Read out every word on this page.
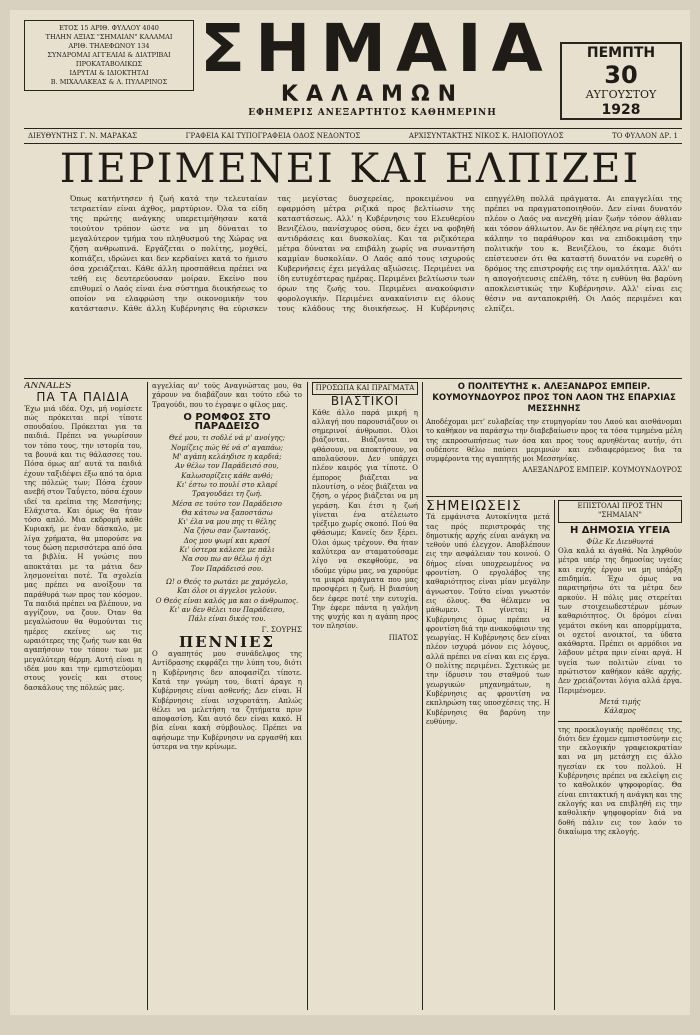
ΕΤΟΣ 15 ΑΡΙΘ. ΦΥΛΛΟΥ 4040
ΤΗΛΗΝ ΑΞΙΑΣ "ΣΗΜΑΙΑΝ" ΚΑΛΑΜΑΙ
ΑΡΙΘ. ΤΗΛΕΦΩΝΟΥ 134
ΣΥΝΔΡΟΜΑΙ ΑΓΓΕΛΙΑΙ & ΔΙΑΤΡΙΒΑΙ ΠΡΟΚΑΤΑΒΟΛΙΚΩΣ
ΙΔΡΥΤΑΙ & ΙΔΙΟΚΤΗΤΑΙ
Β. ΜΙΧΑΛΑΚΕΑΣ & Λ. ΠΥΛΑΡΙΝΟΣ ΣΗΜΑΙΑ
ΚΑΛΑΜΩΝ
ΕΦΗΜΕΡΙΣ ΑΝΕΞΑΡΤΗΤΟΣ ΚΑΘΗΜΕΡΙΝΗ
ΠΕΜΠΤΗ
30
ΑΥΓΟΥΣΤΟΥ
1928
ΔΙΕΥΘΥΝΤΗΣ Γ. Ν. ΜΑΡΑΚΑΣ	ΓΡΑΦΕΙΑ ΚΑΙ ΤΥΠΟΓΡΑΦΕΙΑ ΟΔΟΣ ΝΕΔΟΝΤΟΣ	ΑΡΧΙΣΥΝΤΑΚΤΗΣ ΝΙΚΟΣ Κ. ΗΛΙΟΠΟΥΛΟΣ	ΤΟ ΦΥΛΛΟΝ ΔΡ. 1
ΠΕΡΙΜΕΝΕΙ ΚΑΙ ΕΛΠΙΖΕΙ
Όπως κατήντησεν ή ζωή κατά την τελευταίαν τετραετίαν είναι άχθος, μαρτύριον. Όλα τα είδη της πρώτης ανάγκης υπερετιμήθησαν κατά τοιούτον τρόπον ώστε να μη δύναται το μεγαλύτερον τμήμα του πληθυσμού της Χώρας να ζήση ανθρωπινά. Εργάζεται ο πολίτης, μοχθεί, κοπιάζει, ιδρώνει και δεν κερδαίνει κατά το ήμισυ όσα χρειάζεται. Κάθε άλλη προσπάθεια πρέπει να τεθή εις δευτερεύουσαν μοίραν. Εκείνο που επιθυμεί ο Λαός είναι ένα σύστημα διοικήσεως το οποίον να ελαφρώση την οικονομικήν του κατάστασιν. Κάθε άλλη Κυβέρνησις θα εύρισκεν τας μεγίστας δυσχερείας, προκειμένου να εφαρμόση μέτρα ριζικά προς βελτίωσιν της καταστάσεως. Αλλ' η Κυβέρνησις του Ελευθερίου Βενιζέλου, πανίσχυρος ούσα, δεν έχει να φοβηθή αντιδράσεις και δυσκολίας. Και τα ριζικότερα μέτρα δύναται να επιβάλη χωρίς να συναντήση καμμίαν δυσκολίαν. Ο Λαός από τους ισχυρούς Κυβερνήσεις έχει μεγάλας αξιώσεις. Περιμένει να ίδη ευτυχέστερας ημέρας. Περιμένει βελτίωσιν των όρων της ζωής του. Περιμένει ανακούφισιν φορολογικήν. Περιμένει ανακαίνισιν εις όλους τους κλάδους της διοικήσεως. Η Κυβέρνησις επηγγέλθη πολλά πράγματα. Αι επαγγελίαι της πρέπει να πραγματοποιηθούν. Δεν είναι δυνατόν πλέον ο Λαός να ανεχθή μίαν ζωήν τόσον άθλιαν και τόσον άθλιωτον. Αν δε ηθέλησε να ρίψη εις την κάλπην το παράθυρον και να επιδοκιμάση την πολιτικήν του κ. Βενιζέλου, το έκαμε διότι επίστευσεν ότι θα καταστή δυνατόν να ευρεθή ο δρόμος της επιστροφής εις την ομαλότητα. Αλλ' αν η απογοήτευσις επέλθη, τότε η ευθύνη θα βαρύνη αποκλειστικώς την Κυβέρνησιν. Αλλ' είναι εις θέσιν να ανταποκριθή. Οι Λαός περιμένει και ελπίζει.
ANNALES
ΠΑ ΤΑ ΠΑΙΔΙΑ
Έχω μιά ιδέα. Όχι, μή νομίσετε πώς πρόκειται περί τίποτε σπουδαίου. Πρόκειται για τα παιδιά. Πρέπει να γνωρίσουν τον τόπο τους, την ιστορία του, τα βουνά και τις θάλασσες του. Πόσα όμως απ' αυτά τα παιδιά έχουν ταξιδέψει έξω από τα όρια της πόλεώς των; Πόσα έχουν ανεβή στον Ταΰγετο, πόσα έχουν ιδεί τα ερείπια της Μεσσήνης; Ελάχιστα. Και όμως θα ήταν τόσο απλό. Μια εκδρομή κάθε Κυριακή, με έναν δάσκαλο, με λίγα χρήματα, θα μπορούσε να τους δώση περισσότερα από όσα τα βιβλία. Η γνώσις που αποκτάται με τα μάτια δεν λησμονείται ποτέ. Τα σχολεία μας πρέπει να ανοίξουν τα παράθυρά των προς τον κόσμον. Τα παιδιά πρέπει να βλέπουν, να αγγίζουν, να ζουν. Όταν θα μεγαλώσουν θα θυμούνται τις ημέρες εκείνες ως τις ωραιότερες της ζωής των και θα αγαπήσουν τον τόπον των με μεγαλύτερη θέρμη. Αυτή είναι η ιδέα μου και την εμπιστεύομαι στους γονείς και στους δασκάλους της πόλεώς μας.
αγγελίας αν' τούς Αναγνώστας μου, θα χάρουν να διαβάζουν και τούτο εδώ το Τραγούδι, που το έγραψε ο φίλος μας.
Ο ΡΟΜΦΟΣ ΣΤΟ ΠΑΡΑΔΕΙΣΟ
Θεέ μου, τι σοδλέ νά μ' ανοίγης;
Νομίζεις πώς θέ νά σ' αγαπάω;
Μ' αγάπη κελάηδισε η καρδιά;
Αν θέλω τον Παράδεισό σου,
Καλωσορίζεις κάθε ανθό;
Κι' έστω το πουλί στο κλαρί
Τραγουδάει τη ζωή.
Μέσα σε τούτο τον Παράδεισο
Θα κάτσω να ξαποστάσω
Κι' έλα να μου πης τι θέλης
Να ζήσω σαν ζωντανός.
Δος μου ψωμί και κρασί
Κι' ύστερα κάλεσε με πάλι
Να σου πω αν θέλω ή όχι
Τον Παράδεισό σου.
Ω! ο Θεός το ρωτάει με χαμόγελο,
Και όλοι οι άγγελοι γελούν.
Ο Θεός είναι καλός μα και ο άνθρωπος.
Κι' αν δεν θέλει τον Παράδεισο,
Πάλι είναι δικός του.
Γ. ΣΟΥΡΗΣ
ΠΕΝΝΙΕΣ
Ο αγαπητός μου συνάδελφος της Αντίδρασης εκφράζει την λύπη του, διότι η Κυβέρνησις δεν αποφασίζει τίποτε. Κατά την γνώμη του, διατί άραγε η Κυβέρνησις είναι ασθενής; Δεν είναι. Η Κυβέρνησις είναι ισχυροτάτη. Απλώς θέλει να μελετήση τα ζητήματα πριν αποφασίση. Και αυτό δεν είναι κακό. Η βία είναι κακή σύμβουλος. Πρέπει να αφήσωμε την Κυβέρνησιν να εργασθή και ύστερα να την κρίνωμε.
ΠΡΟΣΩΠΑ ΚΑΙ ΠΡΑΓΜΑΤΑ
ΒΙΑΣΤΙΚΟΙ
Κάθε άλλο παρά μικρή η αλλαγή που παρουσιάζουν οι σημερινοί άνθρωποι. Όλοι βιάζονται. Βιάζονται να φθάσουν, να αποκτήσουν, να απολαύσουν. Δεν υπάρχει πλέον καιρός για τίποτε. Ο έμπορος βιάζεται να πλουτίση, ο νέος βιάζεται να ζήση, ο γέρος βιάζεται να μη γεράση. Και έτσι η ζωή γίνεται ένα ατέλειωτο τρέξιμο χωρίς σκοπό. Πού θα φθάσωμε; Κανείς δεν ξέρει. Όλοι όμως τρέχουν. Θα ήταν καλύτερα αν σταματούσαμε λίγο να σκεφθούμε, να ιδούμε γύρω μας, να χαρούμε τα μικρά πράγματα που μας προσφέρει η ζωή. Η βιασύνη δεν έφερε ποτέ την ευτυχία. Την έφερε πάντα η γαλήνη της ψυχής και η αγάπη προς τον πλησίον.
ΠΙΑΤΟΣ
Ο ΠΟΛΙΤΕΥΤΗΣ κ. ΑΛΕΞΑΝΔΡΟΣ ΕΜΠΕΙΡ. ΚΟΥΜΟΥΝΔΟΥΡΟΣ ΠΡΟΣ ΤΟΝ ΛΑΟΝ ΤΗΣ ΕΠΑΡΧΙΑΣ ΜΕΣΣΗΝΗΣ
Αποδέχομαι μετ' ευλαβείας την ετυμηγορίαν του Λαού και αισθάνομαι το καθήκον να παράσχω την διαβεβαίωσιν προς τα τόσα τιμημένα μέλη της εκπροσωπήσεως των όσα και προς τους αρνηθέντας αυτήν, ότι ουδέποτε θέλω παύσει μεριμνών και ενδιαφερόμενος δια τα συμφέροντα της αγαπητής μοι Μεσσηνίας.
ΑΛΕΞΑΝΔΡΟΣ ΕΜΠΕΙΡ. ΚΟΥΜΟΥΝΔΟΥΡΟΣ
ΣΗΜΕΙΩΣΕΙΣ
Τά εμφάνιστα Αυτοκίνητα μετά τας πρός περιστροφάς της δημοτικής αρχής είναι ανάγκη να τεθούν υπό έλεγχον. Αποβλέπουν εις την ασφάλειαν του κοινού. Ο δήμος είναι υποχρεωμένος να φροντίση. Ο εργολάβος της καθαριότητος είναι μίαν μεγάλην άγνωστον. Τούτο είναι γνωστόν εις όλους. Θα θέλαμεν να μάθωμεν. Τι γίνεται; Η Κυβέρνησις όμως πρέπει να φροντίση διά την ανακούφισιν της γεωργίας. Η Κυβέρνησις δεν είναι πλέον ισχυρά μόνον εις λόγους, αλλά πρέπει να είναι και εις έργα. Ο πολίτης περιμένει. Σχετικώς με την ίδρυσιν του σταθμού των γεωργικών μηχανημάτων, η Κυβέρνησις ας φροντίση να εκπληρώση τας υποσχέσεις της. Η Κυβέρνησις θα βαρύνη την ευθύνην.
ΕΠΙΣΤΟΛΑΙ ΠΡΟΣ ΤΗΝ "ΣΗΜΑΙΑΝ"
Η ΔΗΜΟΣΙΑ ΥΓΕΙΑ
Φίλε Κε Διευθυντά
Ολα καλά κι άγαθά. Να ληφθούν μέτρα υπέρ της δημοσίας υγείας και ευχής έργον να μη υπάρξη επιδημία. Έχω όμως να παρατηρήσω ότι τα μέτρα δεν αρκούν. Η πόλις μας στερείται των στοιχειωδεστέρων μέσων καθαριότητος. Οι δρόμοι είναι γεμάτοι σκόνη και απορρίμματα, οι οχετοί ανοικτοί, τα ύδατα ακάθαρτα. Πρέπει οι αρμόδιοι να λάβουν μέτρα πριν είναι αργά. Η υγεία των πολιτών είναι το πρώτιστον καθήκον κάθε αρχής. Δεν χρειάζονται λόγια αλλά έργα. Περιμένομεν.
Μετά τιμής
Κάλαμος
της προεκλογικής προθέσεις της, διότι δεν έχομεν εμπιστοσύνην εις την εκλογικήν γραφειοκρατίαν και να μη μετάσχη εις άλλο ηγεσίαν εκ του πολλού. Η Κυβέρνησις πρέπει να εκλείψη εις το καθολικόν ψηφοφορίας. Θα είναι επιτακτική η ανάγκη και της εκλογής και να επιβληθή εις την καθολικήν ψηφοφορίαν διά να δοθή πάλιν εις τον λαόν το δικαίωμα της εκλογής.
